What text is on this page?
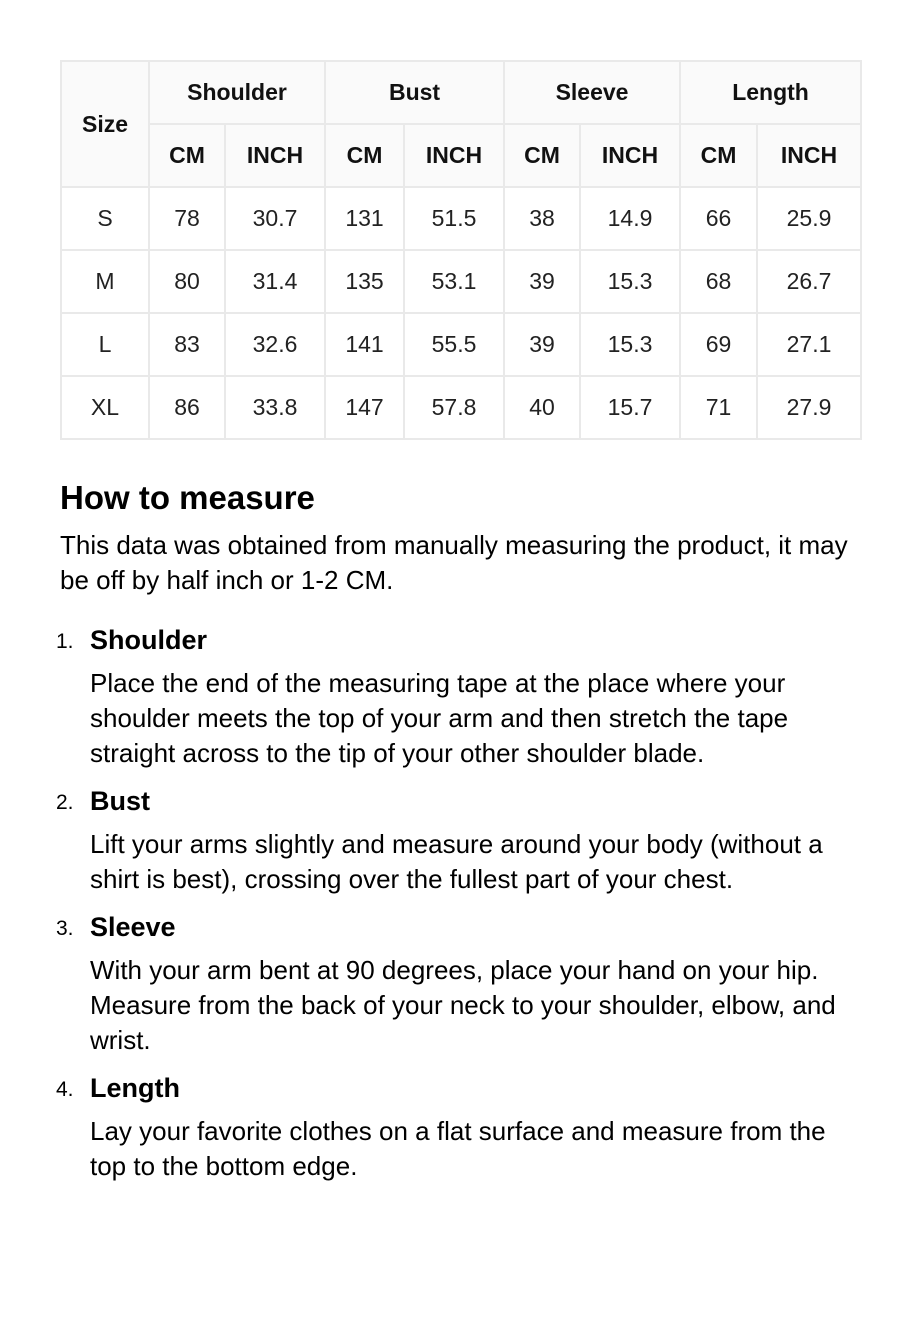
Size	Shoulder		Bust		Sleeve		Length	
	CM	INCH	CM	INCH	CM	INCH	CM	INCH
S	78	30.7	131	51.5	38	14.9	66	25.9
M	80	31.4	135	53.1	39	15.3	68	26.7
L	83	32.6	141	55.5	39	15.3	69	27.1
XL	86	33.8	147	57.8	40	15.7	71	27.9
How to measure

This data was obtained from manually measuring the product, it may be off by half inch or 1-2 CM.

1. Shoulder

Place the end of the measuring tape at the place where your shoulder meets the top of your arm and then stretch the tape straight across to the tip of your other shoulder blade.

2. Bust

Lift your arms slightly and measure around your body (without a shirt is best), crossing over the fullest part of your chest.

3. Sleeve

With your arm bent at 90 degrees, place your hand on your hip. Measure from the back of your neck to your shoulder, elbow, and wrist.

4. Length

Lay your favorite clothes on a flat surface and measure from the top to the bottom edge.
